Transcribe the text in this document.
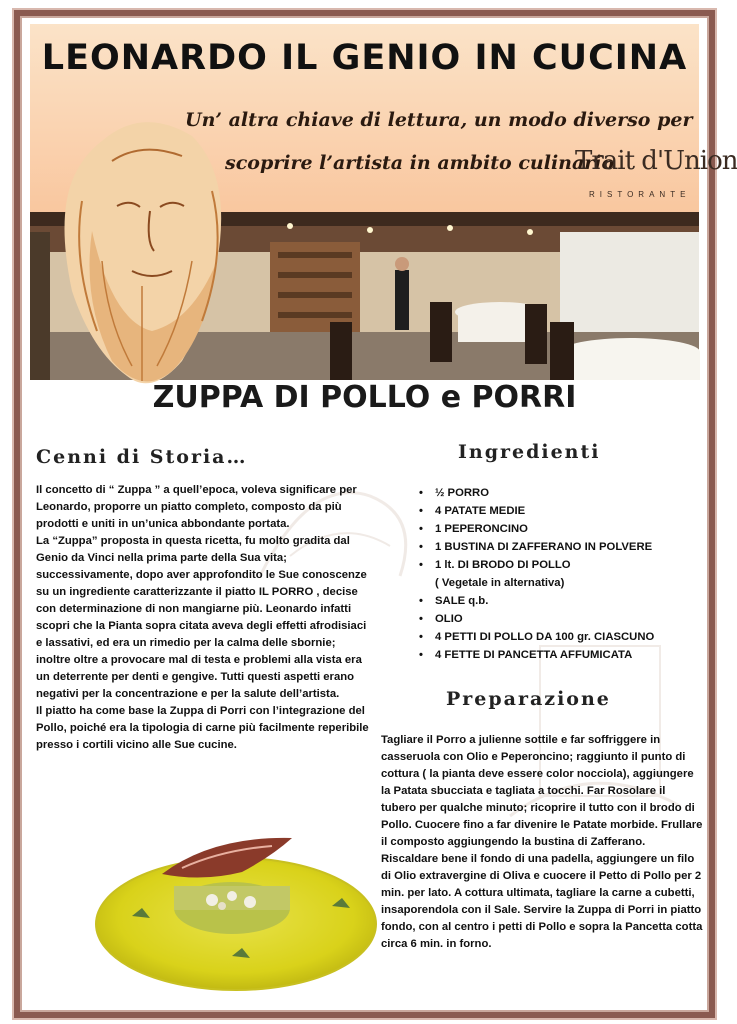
LEONARDO IL GENIO IN CUCINA
Un’ altra chiave di lettura, un modo diverso per
scoprire l’artista in ambito culinario
Trait d'Union
RISTORANTE
ZUPPA DI POLLO e PORRI
Cenni di Storia…
Il concetto di “ Zuppa ” a quell’epoca, voleva significare per Leonardo, proporre un piatto completo, composto da più prodotti e uniti in un’unica abbondante portata.
La “Zuppa” proposta in questa ricetta, fu molto gradita dal Genio da Vinci nella prima parte della Sua vita; successivamente, dopo aver approfondito le Sue conoscenze su un ingrediente caratterizzante il piatto IL PORRO , decise con determinazione di non mangiarne più. Leonardo infatti scopri che la Pianta sopra citata aveva degli effetti afrodisiaci e lassativi, ed era un rimedio per la calma delle sbornie; inoltre oltre a provocare mal di testa e problemi alla vista era un deterrente per denti e gengive. Tutti questi aspetti erano negativi per la concentrazione e per la salute dell’artista.
Il piatto ha come base la Zuppa di Porri con l’integrazione del Pollo, poiché era la tipologia di carne più facilmente reperibile presso i cortili vicino alle Sue cucine.
Ingredienti
• ½ PORRO
• 4 PATATE MEDIE
• 1 PEPERONCINO
• 1 BUSTINA DI ZAFFERANO IN POLVERE
• 1 lt. DI BRODO DI POLLO
( Vegetale in alternativa)
• SALE q.b.
• OLIO
• 4 PETTI DI POLLO DA 100 gr. CIASCUNO
• 4 FETTE DI PANCETTA AFFUMICATA
Preparazione
Tagliare il Porro a julienne sottile e far soffriggere in casseruola con Olio e Peperoncino; raggiunto il punto di cottura ( la pianta deve essere color nocciola), aggiungere la Patata sbucciata e tagliata a tocchi. Far Rosolare il tubero per qualche minuto; ricoprire il tutto con il brodo di Pollo. Cuocere fino a far divenire le Patate morbide. Frullare il composto aggiungendo la bustina di Zafferano. Riscaldare bene il fondo di una padella, aggiungere un filo di Olio extravergine di Oliva e cuocere il Petto di Pollo per 2 min. per lato. A cottura ultimata, tagliare la carne a cubetti, insaporendola con il Sale. Servire la Zuppa di Porri in piatto fondo, con al centro i petti di Pollo e sopra la Pancetta cotta circa 6 min. in forno.
